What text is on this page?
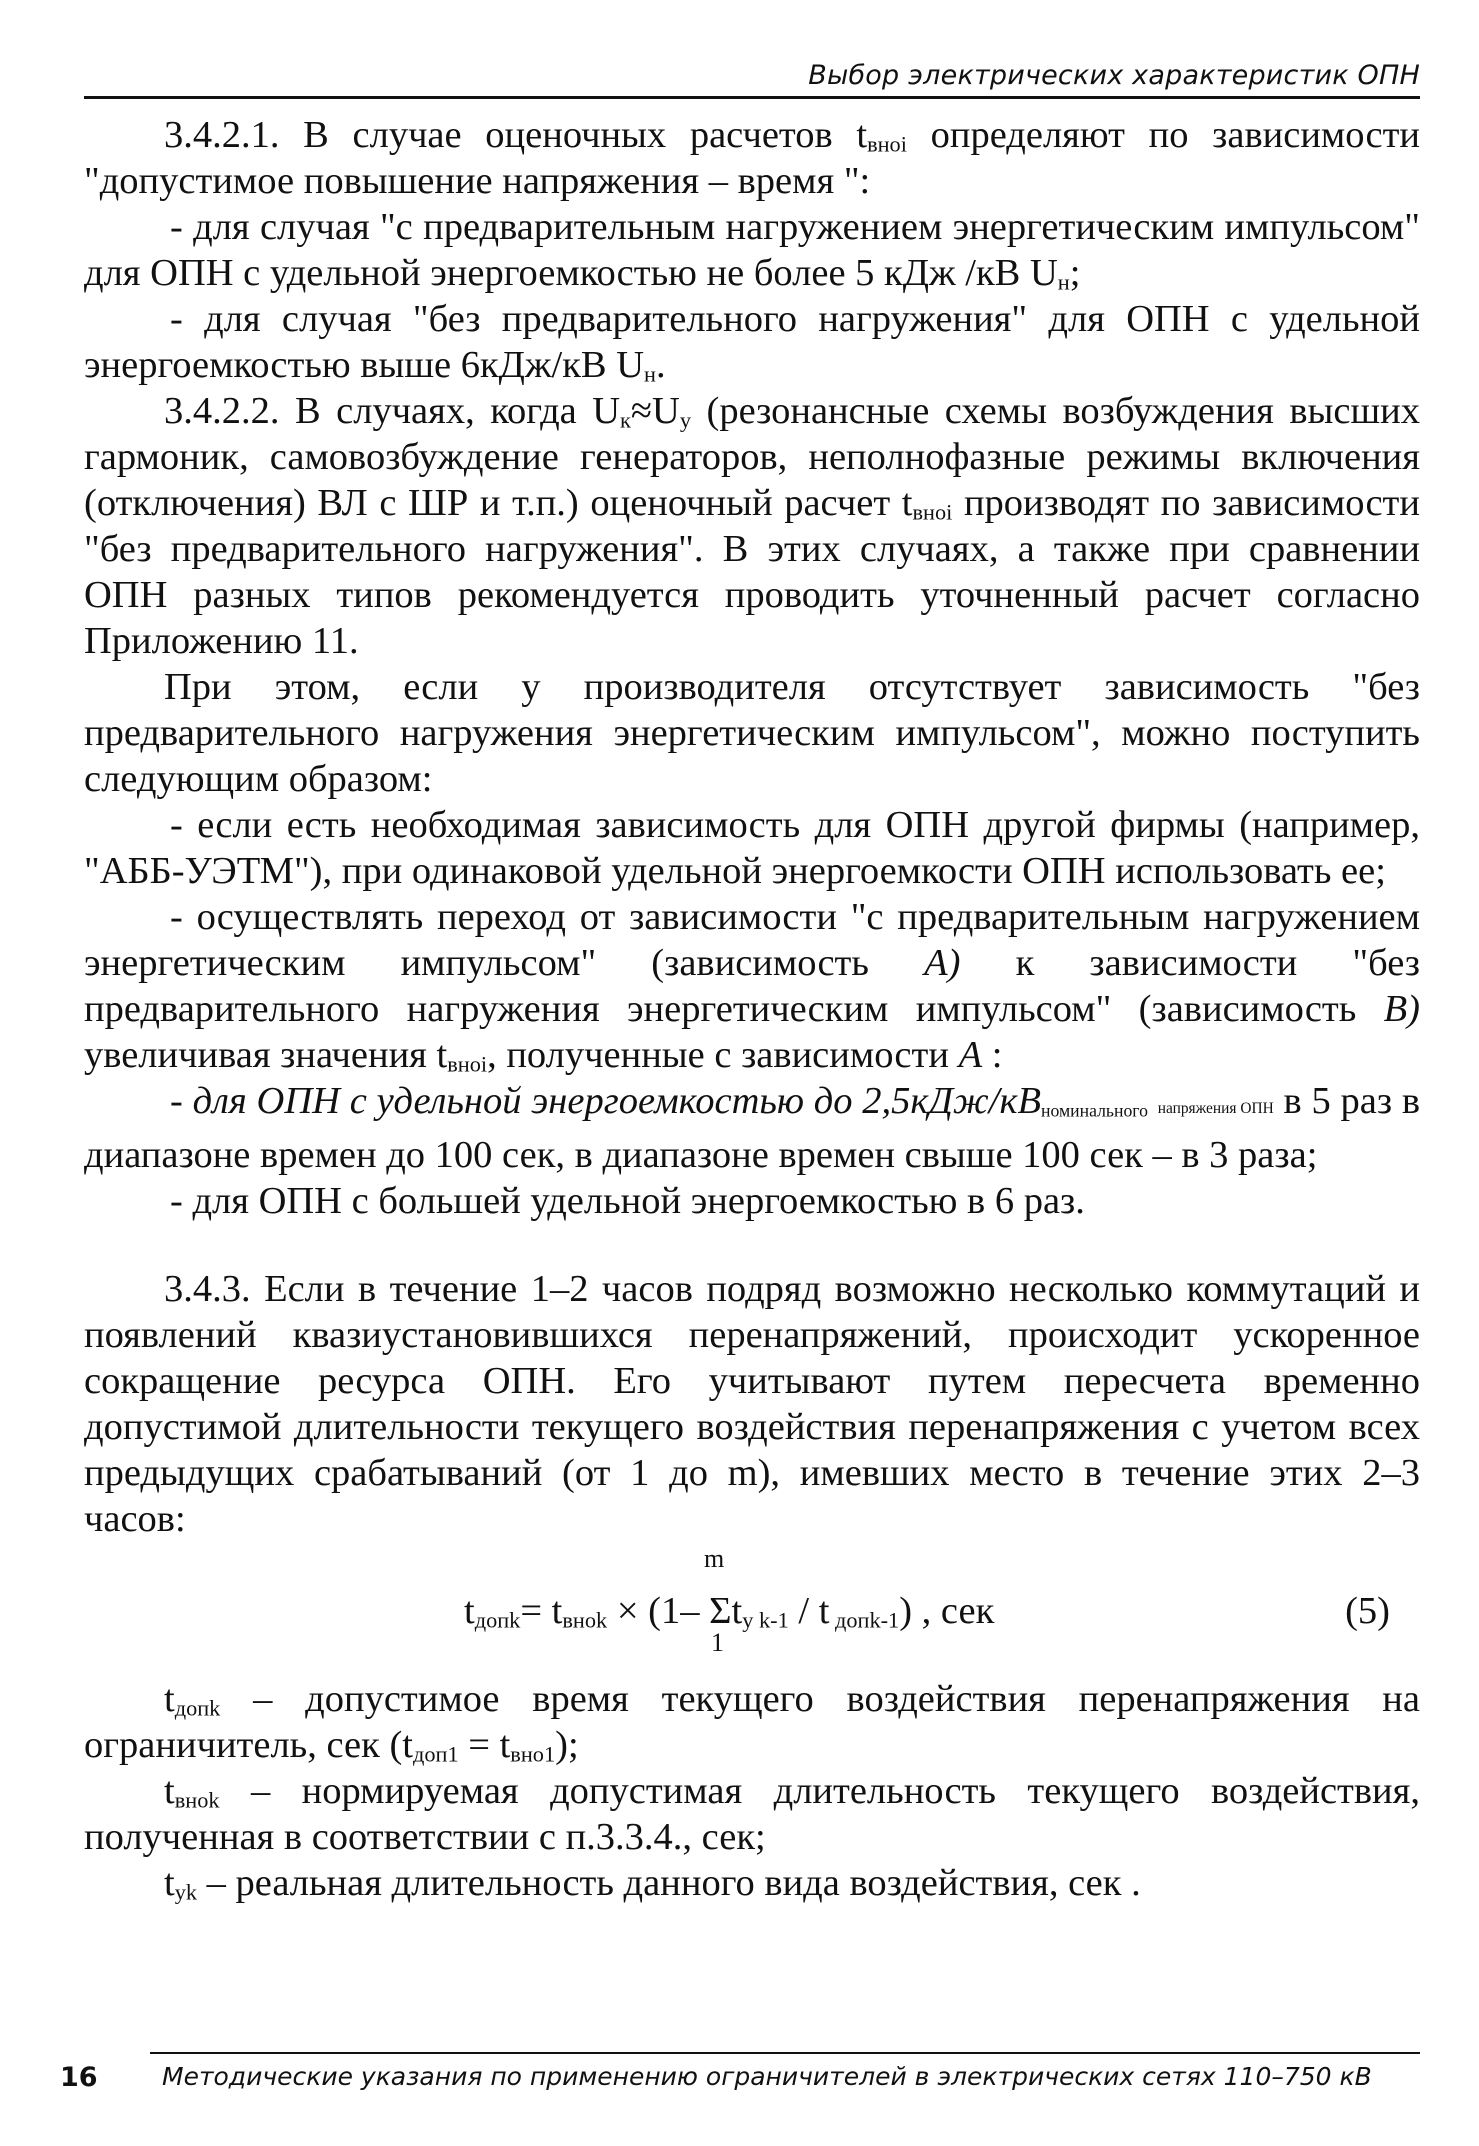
Выбор электрических характеристик ОПН

3.4.2.1. В случае оценочных расчетов $t_{вноi}$ определяют по зависимости "допустимое повышение напряжения – время ":

- для случая "с предварительным нагружением энергетическим импульсом" для ОПН с удельной энергоемкостью не более 5 кДж /кВ $U_н$;

- для случая "без предварительного нагружения" для ОПН с удельной энергоемкостью выше 6кДж/кВ $U_н$.

3.4.2.2. В случаях, когда $U_к\approx U_у$ (резонансные схемы возбуждения высших гармоник, самовозбуждение генераторов, неполнофазные режимы включения (отключения) ВЛ с ШР и т.п.) оценочный расчет $t_{вноi}$ производят по зависимости "без предварительного нагружения". В этих случаях, а также при сравнении ОПН разных типов рекомендуется проводить уточненный расчет согласно Приложению 11.

При этом, если у производителя отсутствует зависимость "без предварительного нагружения энергетическим импульсом", можно поступить следующим образом:

- если есть необходимая зависимость для ОПН другой фирмы (например, "АББ-УЭТМ"), при одинаковой удельной энергоемкости ОПН использовать ее;

- осуществлять переход от зависимости "с предварительным нагружением энергетическим импульсом" (зависимость А) к зависимости "без предварительного нагружения энергетическим импульсом" (зависимость В) увеличивая значения $t_{вноi}$, полученные с зависимости А :

- для ОПН с удельной энергоемкостью до $2,5кДж/кВ_{номинального}$ напряжения ОПН в 5 раз в диапазоне времен до 100 сек, в диапазоне времен свыше 100 сек – в 3 раза;

- для ОПН с большей удельной энергоемкостью в 6 раз.

3.4.3. Если в течение 1–2 часов подряд возможно несколько коммутаций и появлений квазиустановившихся перенапряжений, происходит ускоренное сокращение ресурса ОПН. Его учитывают путем пересчета временно допустимой длительности текущего воздействия перенапряжения с учетом всех предыдущих срабатываний (от 1 до m), имевших место в течение этих 2–3 часов:

m
$t_{допk}= t_{внok} \times (1-$ $\Sigma t_{y k-1}$ / t $_{допk-1}$) , сек
1
(5)

$t_{допk}$ – допустимое время текущего воздействия перенапряжения на ограничитель, сек $(t_{доп1} = t_{вно1})$;

$t_{внok}$ – нормируемая допустимая длительность текущего воздействия, полученная в соответствии с п.3.3.4., сек;

$t_{yk}$ – реальная длительность данного вида воздействия, сек .

16	Методические указания по применению ограничителей в электрических сетях 110–750 кВ
